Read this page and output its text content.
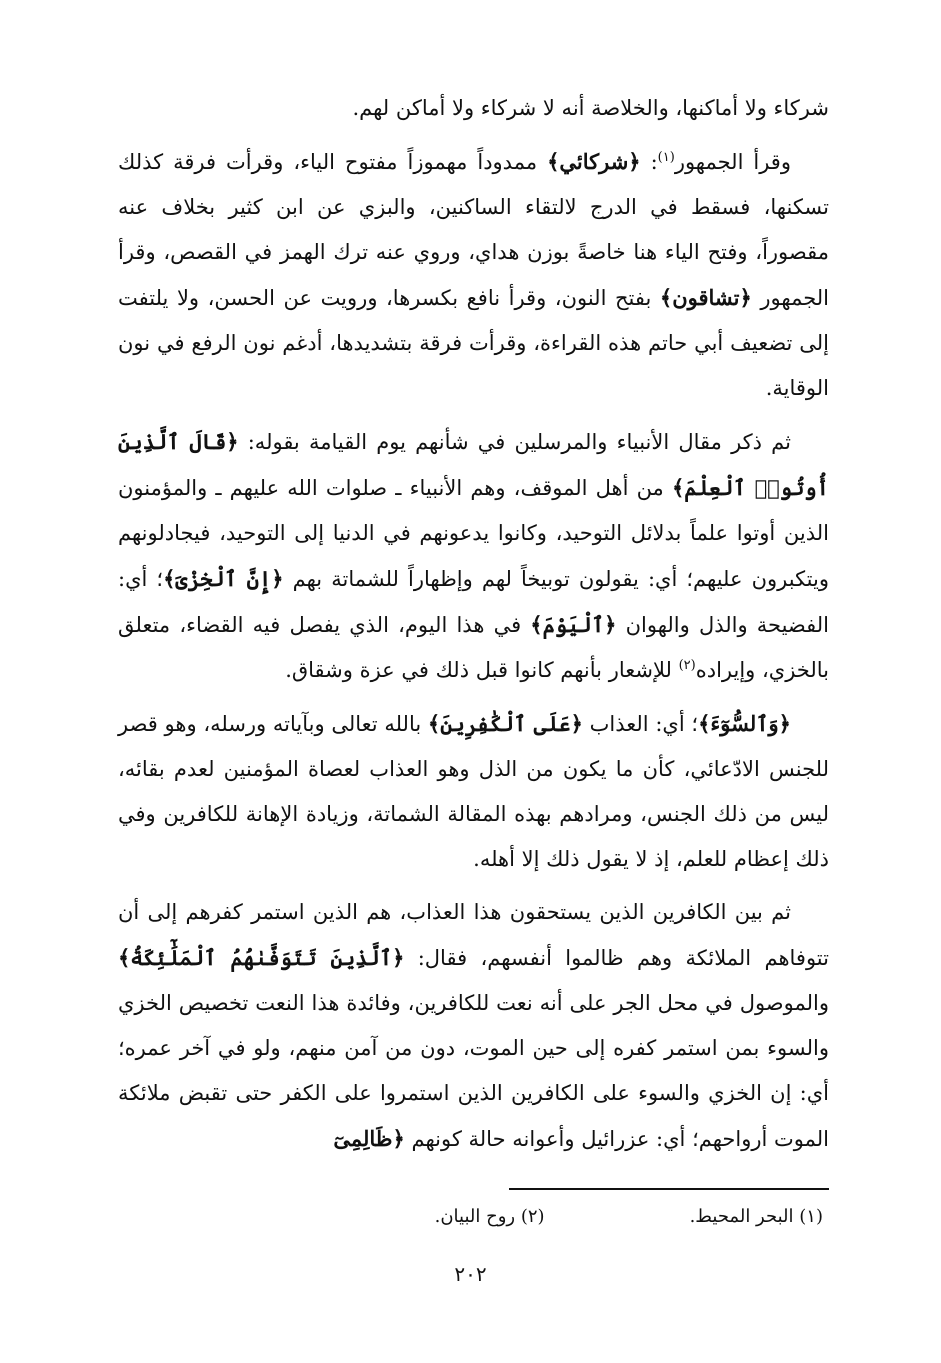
شركاء ولا أماكنها، والخلاصة أنه لا شركاء ولا أماكن لهم.

وقرأ الجمهور$^{(١)}$: ﴿شركائي﴾ ممدوداً مهموزاً مفتوح الياء، وقرأت فرقة كذلك تسكنها، فسقط في الدرج لالتقاء الساكنين، والبزي عن ابن كثير بخلاف عنه مقصوراً، وفتح الياء هنا خاصةً بوزن هداي، وروي عنه ترك الهمز في القصص، وقرأ الجمهور ﴿تشاقون﴾ بفتح النون، وقرأ نافع بكسرها، ورويت عن الحسن، ولا يلتفت إلى تضعيف أبي حاتم هذه القراءة، وقرأت فرقة بتشديدها، أدغم نون الرفع في نون الوقاية.

ثم ذكر مقال الأنبياء والمرسلين في شأنهم يوم القيامة بقوله: ﴿قَالَ ٱلَّذِينَ أُوتُوا۟ ٱلْعِلْمَ﴾ من أهل الموقف، وهم الأنبياء ـ صلوات الله عليهم ـ والمؤمنون الذين أوتوا علماً بدلائل التوحيد، وكانوا يدعونهم في الدنيا إلى التوحيد، فيجادلونهم ويتكبرون عليهم؛ أي: يقولون توبيخاً لهم وإظهاراً للشماتة بهم ﴿إِنَّ ٱلْخِزْىَ﴾؛ أي: الفضيحة والذل والهوان ﴿ٱلْيَوْمَ﴾ في هذا اليوم، الذي يفصل فيه القضاء، متعلق بالخزي، وإيراده$^{(٢)}$ للإشعار بأنهم كانوا قبل ذلك في عزة وشقاق.

﴿وَٱلسُّوٓءَ﴾؛ أي: العذاب ﴿عَلَى ٱلْكَٰفِرِينَ﴾ بالله تعالى وبآياته ورسله، وهو قصر للجنس الادّعائي، كأن ما يكون من الذل وهو العذاب لعصاة المؤمنين لعدم بقائه، ليس من ذلك الجنس، ومرادهم بهذه المقالة الشماتة، وزيادة الإهانة للكافرين وفي ذلك إعظام للعلم، إذ لا يقول ذلك إلا أهله.

ثم بين الكافرين الذين يستحقون هذا العذاب، هم الذين استمر كفرهم إلى أن تتوفاهم الملائكة وهم ظالموا أنفسهم، فقال: ﴿ٱلَّذِينَ تَتَوَفَّىٰهُمُ ٱلْمَلَٰٓئِكَةُ﴾ والموصول في محل الجر على أنه نعت للكافرين، وفائدة هذا النعت تخصيص الخزي والسوء بمن استمر كفره إلى حين الموت، دون من آمن منهم، ولو في آخر عمره؛ أي: إن الخزي والسوء على الكافرين الذين استمروا على الكفر حتى تقبض ملائكة الموت أرواحهم؛ أي: عزرائيل وأعوانه حالة كونهم ﴿ظَالِمِىٓ

(١) البحر المحيط.
(٢) روح البيان.
٢٠٢
